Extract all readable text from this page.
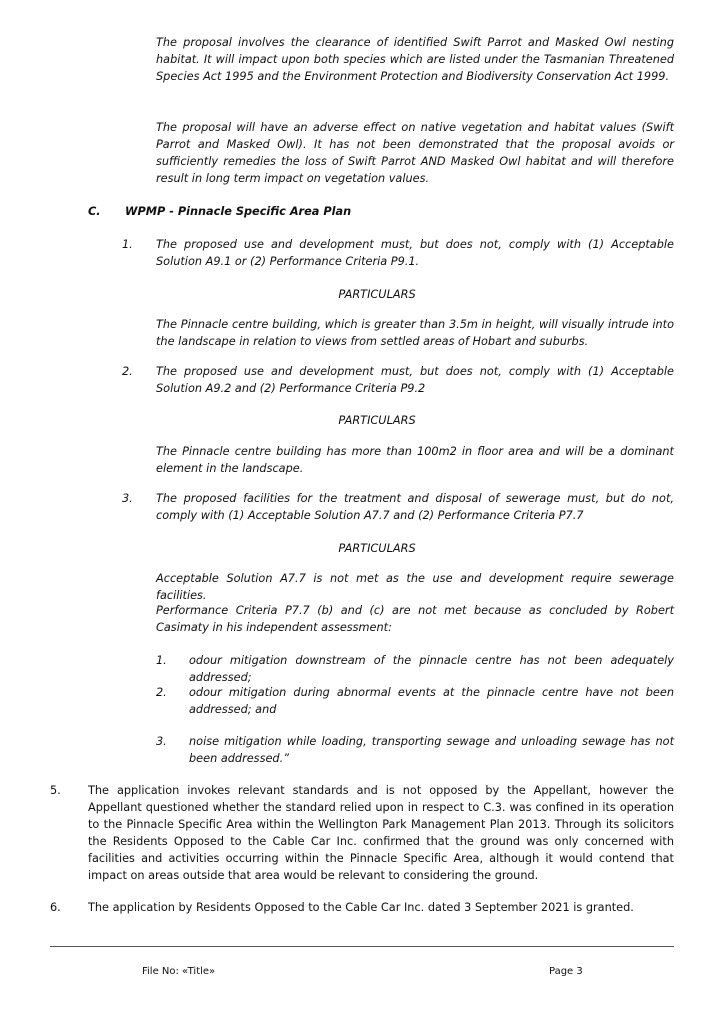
The proposal involves the clearance of identified Swift Parrot and Masked Owl nesting habitat. It will impact upon both species which are listed under the Tasmanian Threatened Species Act 1995 and the Environment Protection and Biodiversity Conservation Act 1999.

The proposal will have an adverse effect on native vegetation and habitat values (Swift Parrot and Masked Owl). It has not been demonstrated that the proposal avoids or sufficiently remedies the loss of Swift Parrot AND Masked Owl habitat and will therefore result in long term impact on vegetation values.

C. WPMP - Pinnacle Specific Area Plan
1. The proposed use and development must, but does not, comply with (1) Acceptable Solution A9.1 or (2) Performance Criteria P9.1.

PARTICULARS

The Pinnacle centre building, which is greater than 3.5m in height, will visually intrude into the landscape in relation to views from settled areas of Hobart and suburbs.

2. The proposed use and development must, but does not, comply with (1) Acceptable Solution A9.2 and (2) Performance Criteria P9.2

PARTICULARS

The Pinnacle centre building has more than 100m2 in floor area and will be a dominant element in the landscape.

3. The proposed facilities for the treatment and disposal of sewerage must, but do not, comply with (1) Acceptable Solution A7.7 and (2) Performance Criteria P7.7

PARTICULARS

Acceptable Solution A7.7 is not met as the use and development require sewerage facilities.

Performance Criteria P7.7 (b) and (c) are not met because as concluded by Robert Casimaty in his independent assessment:

1. odour mitigation downstream of the pinnacle centre has not been adequately addressed;

2. odour mitigation during abnormal events at the pinnacle centre have not been addressed; and

3. noise mitigation while loading, transporting sewage and unloading sewage has not been addressed.”

5. The application invokes relevant standards and is not opposed by the Appellant, however the Appellant questioned whether the standard relied upon in respect to C.3. was confined in its operation to the Pinnacle Specific Area within the Wellington Park Management Plan 2013. Through its solicitors the Residents Opposed to the Cable Car Inc. confirmed that the ground was only concerned with facilities and activities occurring within the Pinnacle Specific Area, although it would contend that impact on areas outside that area would be relevant to considering the ground.

6. The application by Residents Opposed to the Cable Car Inc. dated 3 September 2021 is granted.

File No: «Title»	Page 3
